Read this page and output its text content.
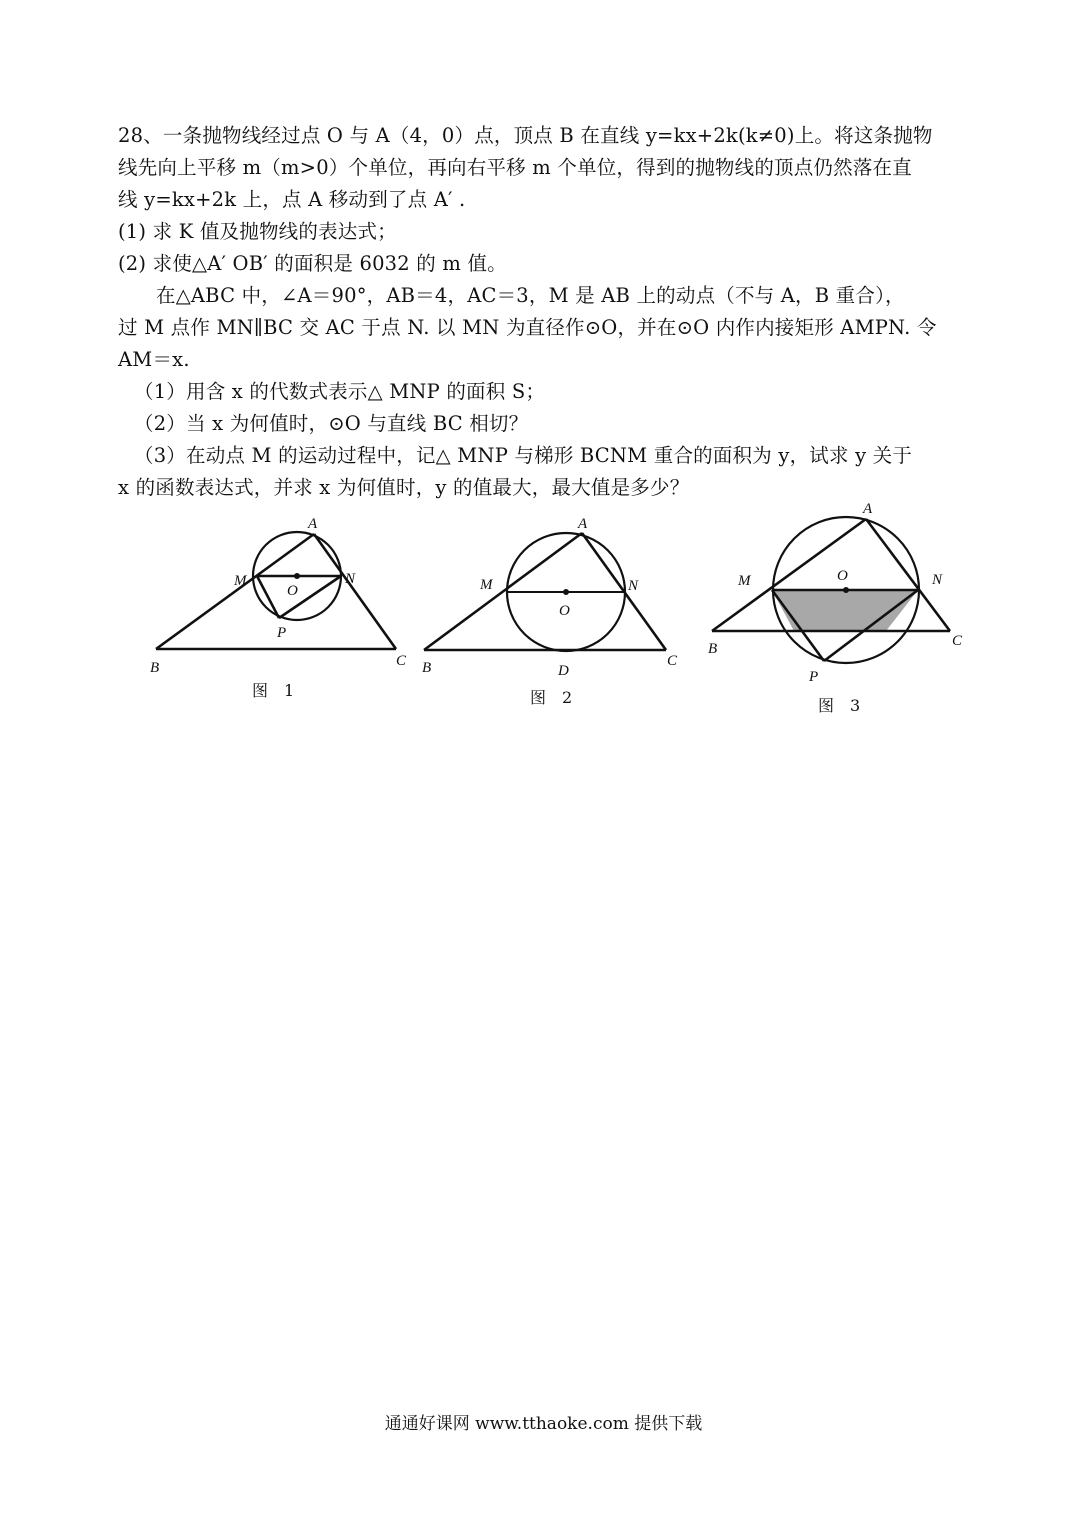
28、一条抛物线经过点 O 与 A（4，0）点，顶点 B 在直线 y=kx+2k(k≠0)上。将这条抛物
线先向上平移 m（m>0）个单位，再向右平移 m 个单位，得到的抛物线的顶点仍然落在直
线 y=kx+2k 上，点 A 移动到了点 A′ .
(1) 求 K 值及抛物线的表达式；
(2) 求使△A′ OB′ 的面积是 6032 的 m 值。
在△ABC 中，∠A＝90°，AB＝4，AC＝3，M 是 AB 上的动点（不与 A，B 重合），
过 M 点作 MN∥BC 交 AC 于点 N. 以 MN 为直径作⊙O，并在⊙O 内作内接矩形 AMPN. 令
AM＝x.
（1）用含 x 的代数式表示△ MNP 的面积 S；
（2）当 x 为何值时，⊙O 与直线 BC 相切？
（3）在动点 M 的运动过程中，记△ MNP 与梯形 BCNM 重合的面积为 y，试求 y 关于
x 的函数表达式，并求 x 为何值时，y 的值最大，最大值是多少？
A
M	N
O
P
B	C
图　1
A
M	N
O
D
B	C
图　2
A
M	N
O
P
B	C
图　3
通通好课网 www.tthaoke.com 提供下载
